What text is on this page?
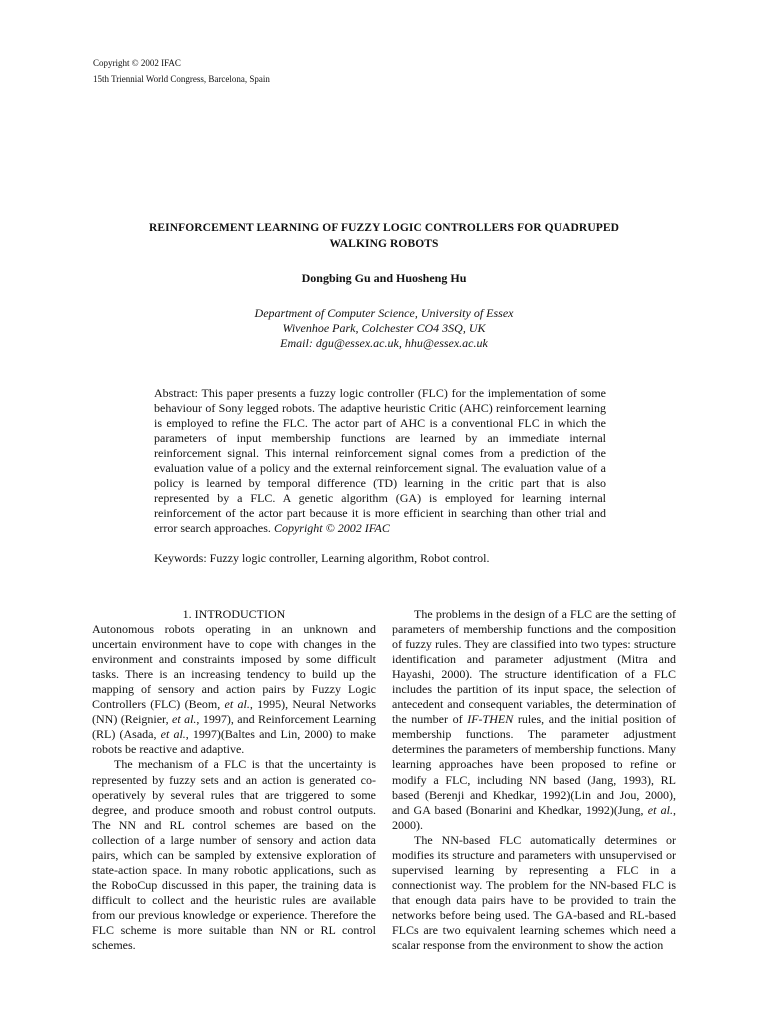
Copyright © 2002 IFAC
15th Triennial World Congress, Barcelona, Spain
REINFORCEMENT LEARNING OF FUZZY LOGIC CONTROLLERS FOR QUADRUPED
WALKING ROBOTS
Dongbing Gu and Huosheng Hu
Department of Computer Science, University of Essex
Wivenhoe Park, Colchester CO4 3SQ, UK
Email: dgu@essex.ac.uk, hhu@essex.ac.uk
Abstract: This paper presents a fuzzy logic controller (FLC) for the implementation of some behaviour of Sony legged robots. The adaptive heuristic Critic (AHC) reinforcement learning is employed to refine the FLC. The actor part of AHC is a conventional FLC in which the parameters of input membership functions are learned by an immediate internal reinforcement signal. This internal reinforcement signal comes from a prediction of the evaluation value of a policy and the external reinforcement signal. The evaluation value of a policy is learned by temporal difference (TD) learning in the critic part that is also represented by a FLC. A genetic algorithm (GA) is employed for learning internal reinforcement of the actor part because it is more efficient in searching than other trial and error search approaches. Copyright © 2002 IFAC
Keywords: Fuzzy logic controller, Learning algorithm, Robot control.

1. INTRODUCTION

Autonomous robots operating in an unknown and uncertain environment have to cope with changes in the environment and constraints imposed by some difficult tasks. There is an increasing tendency to build up the mapping of sensory and action pairs by Fuzzy Logic Controllers (FLC) (Beom, et al., 1995), Neural Networks (NN) (Reignier, et al., 1997), and Reinforcement Learning (RL) (Asada, et al., 1997)(Baltes and Lin, 2000) to make robots be reactive and adaptive.

The mechanism of a FLC is that the uncertainty is represented by fuzzy sets and an action is generated co-operatively by several rules that are triggered to some degree, and produce smooth and robust control outputs. The NN and RL control schemes are based on the collection of a large number of sensory and action data pairs, which can be sampled by extensive exploration of state-action space. In many robotic applications, such as the RoboCup discussed in this paper, the training data is difficult to collect and the heuristic rules are available from our previous knowledge or experience. Therefore the FLC scheme is more suitable than NN or RL control schemes.

The problems in the design of a FLC are the setting of parameters of membership functions and the composition of fuzzy rules. They are classified into two types: structure identification and parameter adjustment (Mitra and Hayashi, 2000). The structure identification of a FLC includes the partition of its input space, the selection of antecedent and consequent variables, the determination of the number of IF-THEN rules, and the initial position of membership functions. The parameter adjustment determines the parameters of membership functions. Many learning approaches have been proposed to refine or modify a FLC, including NN based (Jang, 1993), RL based (Berenji and Khedkar, 1992)(Lin and Jou, 2000), and GA based (Bonarini and Khedkar, 1992)(Jung, et al., 2000).

The NN-based FLC automatically determines or modifies its structure and parameters with unsupervised or supervised learning by representing a FLC in a connectionist way. The problem for the NN-based FLC is that enough data pairs have to be provided to train the networks before being used. The GA-based and RL-based FLCs are two equivalent learning schemes which need a scalar response from the environment to show the action
